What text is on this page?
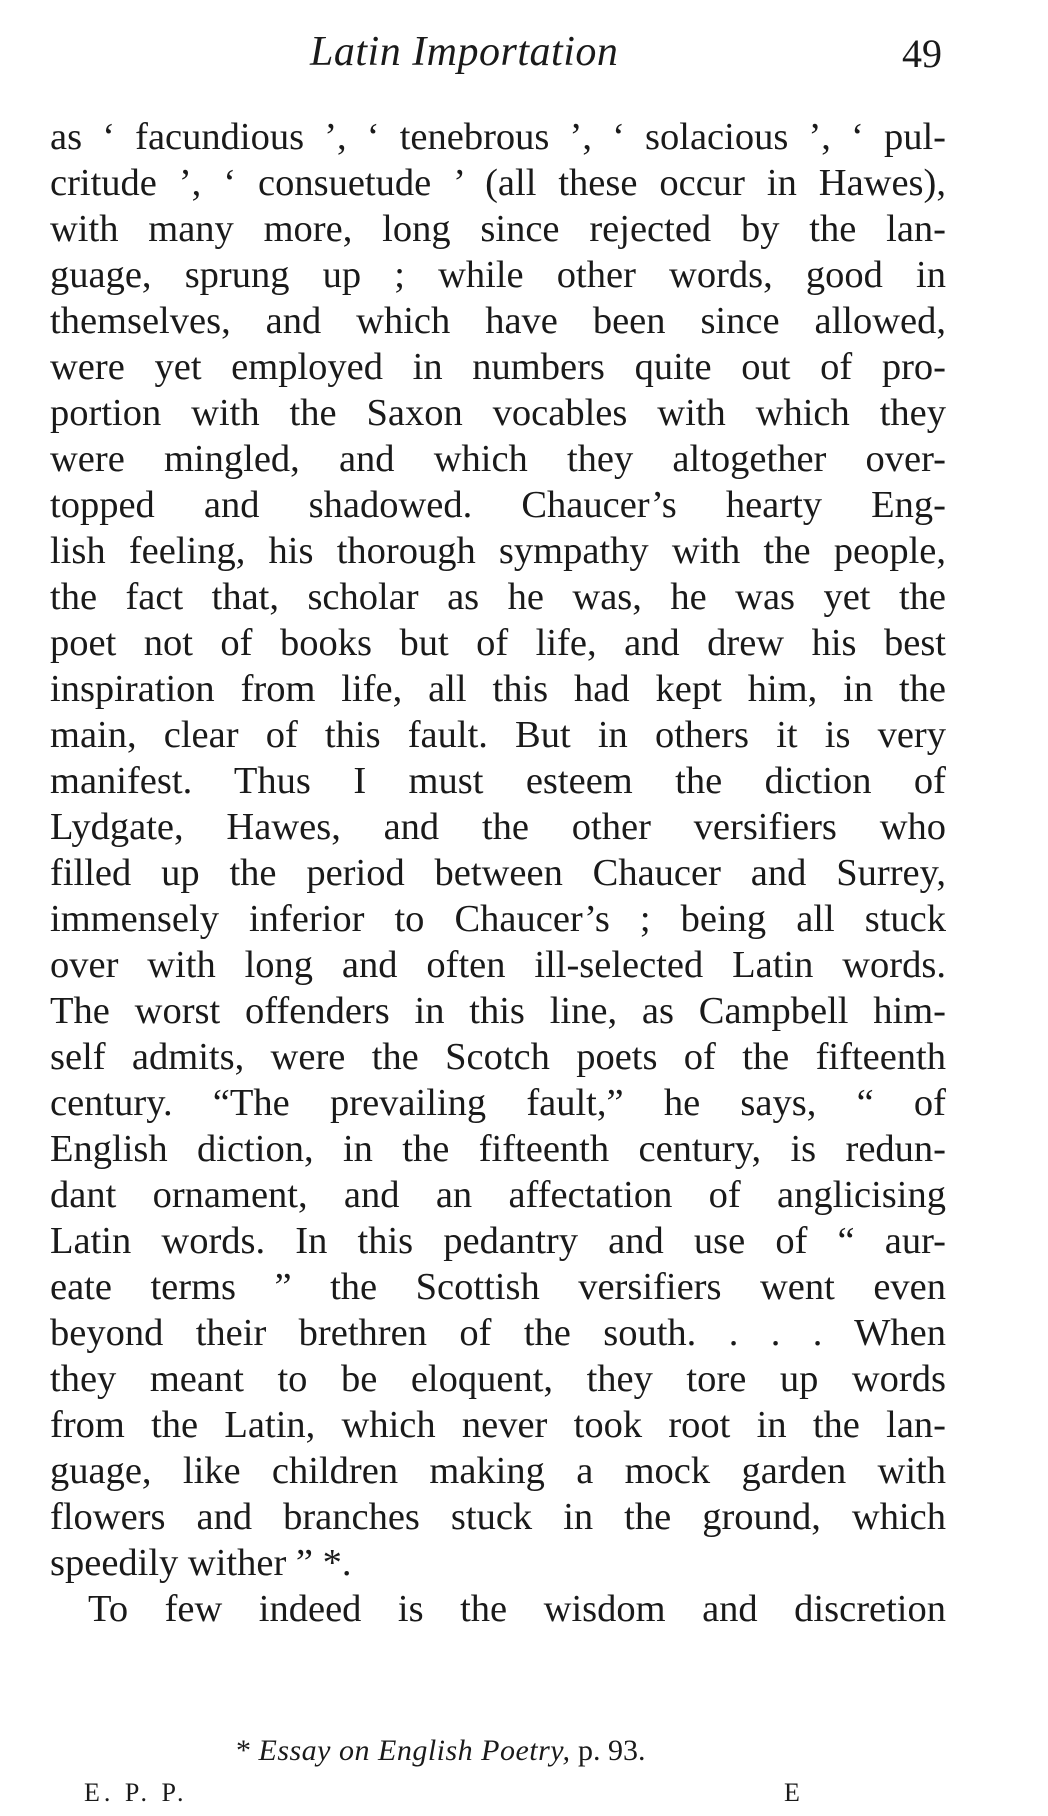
Latin Importation	49
as ‘ facundious ’, ‘ tenebrous ’, ‘ solacious ’, ‘ pul-
critude ’, ‘ consuetude ’ (all these occur in Hawes),
with many more, long since rejected by the lan-
guage, sprung up ; while other words, good in
themselves, and which have been since allowed,
were yet employed in numbers quite out of pro-
portion with the Saxon vocables with which they
were mingled, and which they altogether over-
topped and shadowed. Chaucer’s hearty Eng-
lish feeling, his thorough sympathy with the people,
the fact that, scholar as he was, he was yet the
poet not of books but of life, and drew his best
inspiration from life, all this had kept him, in the
main, clear of this fault. But in others it is very
manifest. Thus I must esteem the diction of
Lydgate, Hawes, and the other versifiers who
filled up the period between Chaucer and Surrey,
immensely inferior to Chaucer’s ; being all stuck
over with long and often ill-selected Latin words.
The worst offenders in this line, as Campbell him-
self admits, were the Scotch poets of the fifteenth
century. “The prevailing fault,” he says, “ of
English diction, in the fifteenth century, is redun-
dant ornament, and an affectation of anglicising
Latin words. In this pedantry and use of “ aur-
eate terms ” the Scottish versifiers went even
beyond their brethren of the south. . . . When
they meant to be eloquent, they tore up words
from the Latin, which never took root in the lan-
guage, like children making a mock garden with
flowers and branches stuck in the ground, which
speedily wither ” *.
To few indeed is the wisdom and discretion
* Essay on English Poetry, p. 93.
E. P. P.	E
